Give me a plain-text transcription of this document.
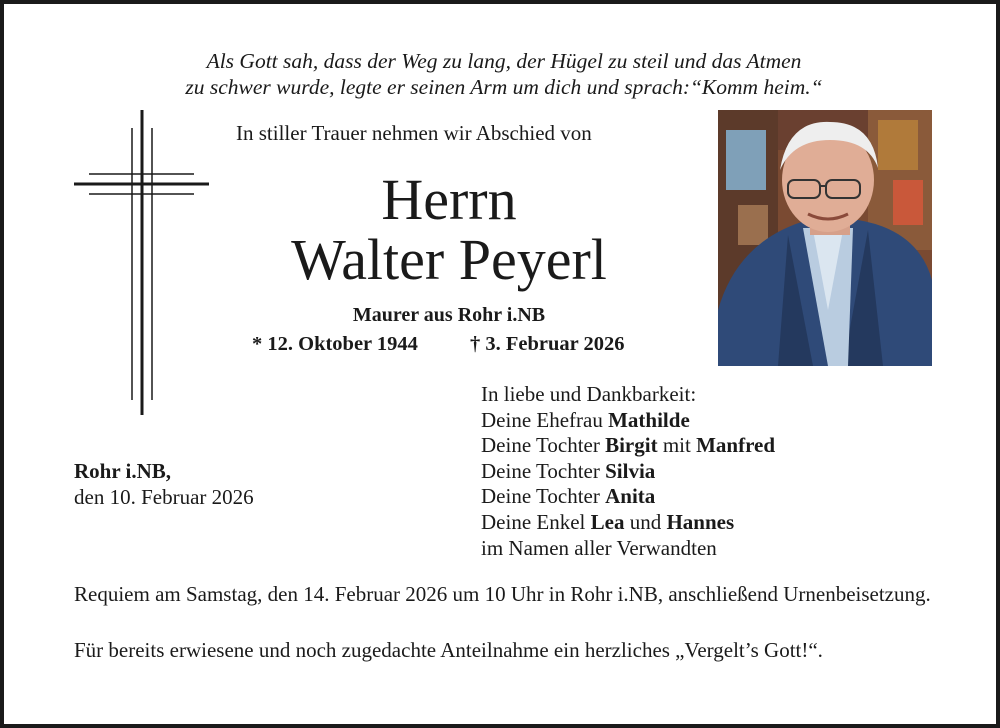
Als Gott sah, dass der Weg zu lang, der Hügel zu steil und das Atmen
zu schwer wurde, legte er seinen Arm um dich und sprach:“Komm heim.“
In stiller Trauer nehmen wir Abschied von
Herrn
Walter Peyerl
Maurer aus Rohr i.NB
* 12. Oktober 1944	† 3. Februar 2026
In liebe und Dankbarkeit:
Deine Ehefrau Mathilde
Deine Tochter Birgit mit Manfred
Deine Tochter Silvia
Deine Tochter Anita
Deine Enkel Lea und Hannes
im Namen aller Verwandten
Rohr i.NB,
den 10. Februar 2026
Requiem am Samstag, den 14. Februar 2026 um 10 Uhr in Rohr i.NB, anschließend Urnenbeisetzung.
Für bereits erwiesene und noch zugedachte Anteilnahme ein herzliches „Vergelt’s Gott!“.
